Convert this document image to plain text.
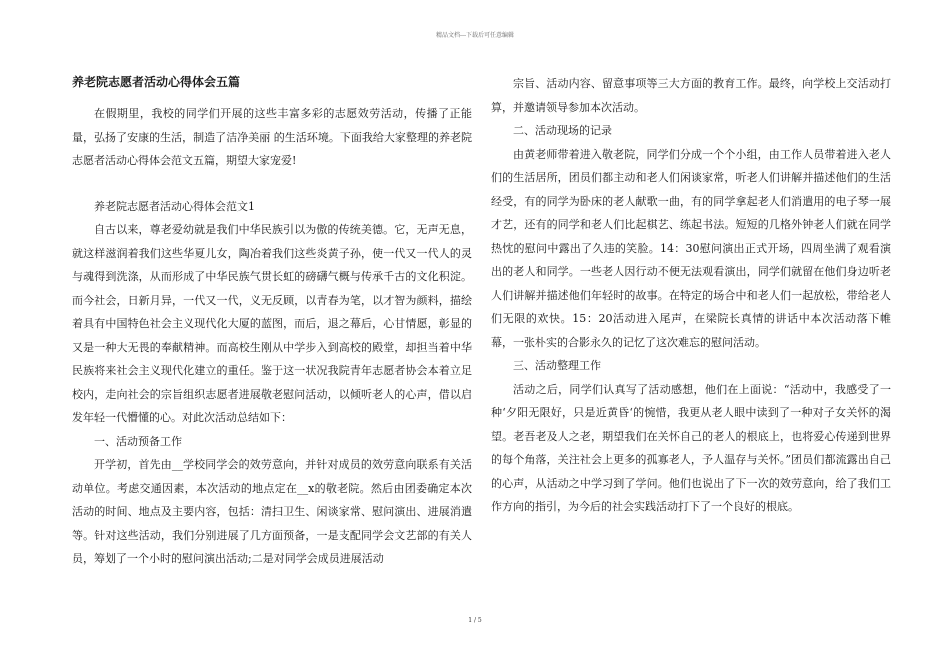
精品文档---下载后可任意编辑
养老院志愿者活动心得体会五篇

在假期里，我校的同学们开展的这些丰富多彩的志愿效劳活动，传播了正能量，弘扬了安康的生活，制造了洁净美丽 的生活环境。下面我给大家整理的养老院志愿者活动心得体会范文五篇，期望大家宠爱!

养老院志愿者活动心得体会范文1

自古以来，尊老爱幼就是我们中华民族引以为傲的传统美德。它，无声无息，就这样滋润着我们这些华夏儿女，陶冶着我们这些炎黄子孙，使一代又一代人的灵与魂得到洗涤，从而形成了中华民族气贯长虹的磅礴气概与传承千古的文化积淀。而今社会，日新月异，一代又一代，义无反顾，以青春为笔，以才智为颜料，描绘着具有中国特色社会主义现代化大厦的蓝图，而后，退之幕后，心甘情愿，彰显的又是一种大无畏的奉献精神。而高校生刚从中学步入到高校的殿堂，却担当着中华民族将来社会主义现代化建立的重任。鉴于这一状况我院青年志愿者协会本着立足校内，走向社会的宗旨组织志愿者进展敬老慰问活动，以倾听老人的心声，借以启发年轻一代懵懂的心。对此次活动总结如下：

一、活动预备工作

开学初，首先由__学校同学会的效劳意向，并针对成员的效劳意向联系有关活动单位。考虑交通因素，本次活动的地点定在__x的敬老院。然后由团委确定本次活动的时间、地点及主要内容，包括：清扫卫生、闲谈家常、慰问演出、进展消遣等。针对这些活动，我们分别进展了几方面预备，一是支配同学会文艺部的有关人员，筹划了一个小时的慰问演出活动;二是对同学会成员进展活动

宗旨、活动内容、留意事项等三大方面的教育工作。最终，向学校上交活动打算，并邀请领导参加本次活动。

二、活动现场的记录

由黄老师带着进入敬老院，同学们分成一个个小组，由工作人员带着进入老人们的生活居所，团员们都主动和老人们闲谈家常，听老人们讲解并描述他们的生活经受，有的同学为卧床的老人献歌一曲，有的同学拿起老人们消遣用的电子琴一展才艺，还有的同学和老人们比起棋艺、练起书法。短短的几格外钟老人们就在同学热忱的慰问中露出了久违的笑脸。14：30慰问演出正式开场，四周坐满了观看演出的老人和同学。一些老人因行动不便无法观看演出，同学们就留在他们身边听老人们讲解并描述他们年轻时的故事。在特定的场合中和老人们一起放松，带给老人们无限的欢快。15：20活动进入尾声，在梁院长真情的讲话中本次活动落下帷幕，一张朴实的合影永久的记忆了这次难忘的慰问活动。

三、活动整理工作

活动之后，同学们认真写了活动感想，他们在上面说：“活动中，我感受了一种‘夕阳无限好，只是近黄昏‘的惋惜，我更从老人眼中读到了一种对子女关怀的渴望。老吾老及人之老，期望我们在关怀自己的老人的根底上，也将爱心传递到世界的每个角落，关注社会上更多的孤寡老人，予人温存与关怀。”团员们都流露出自己的心声，从活动之中学习到了学问。他们也说出了下一次的效劳意向，给了我们工作方向的指引，为今后的社会实践活动打下了一个良好的根底。

1 / 5
